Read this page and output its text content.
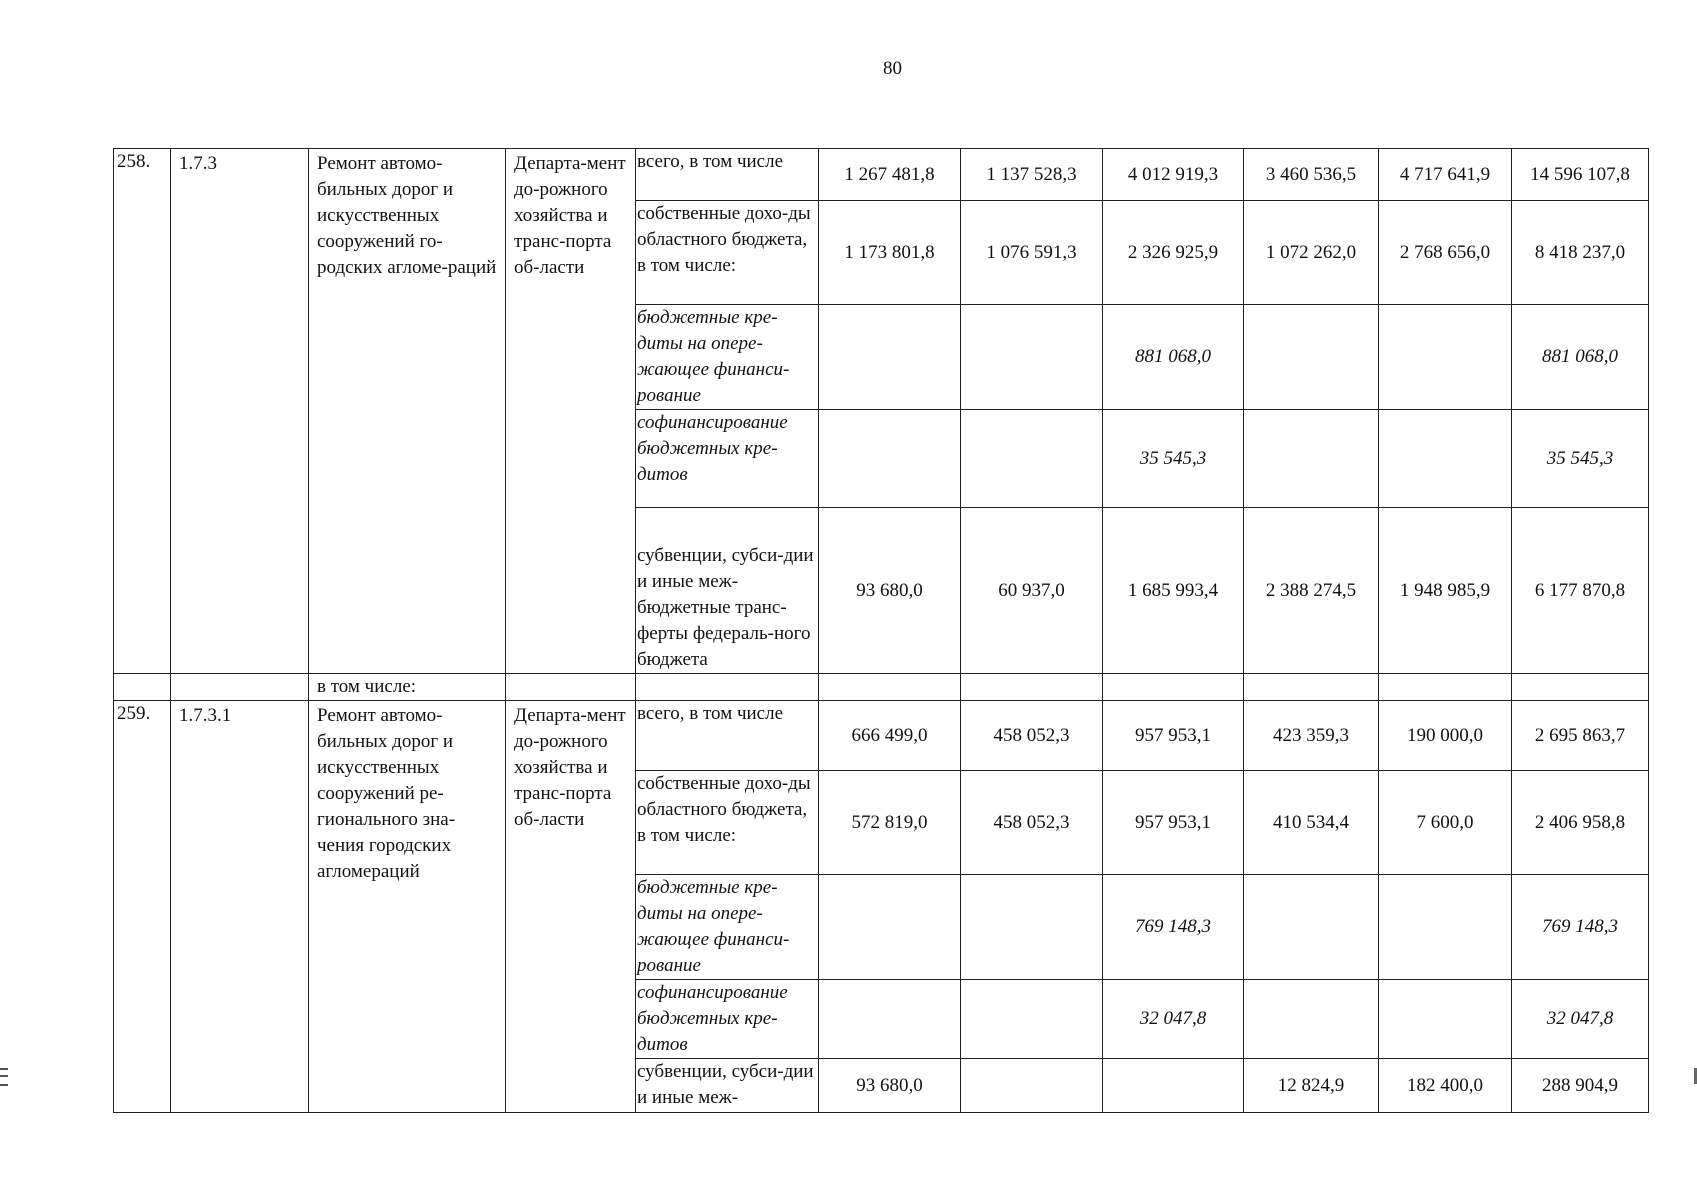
80
258.	1.7.3	Ремонт автомо-бильных дорог и искусственных сооружений го-родских агломе-раций	Департа-мент до-рожного хозяйства и транс-порта об-ласти	всего, в том числе	1 267 481,8	1 137 528,3	4 012 919,3	3 460 536,5	4 717 641,9	14 596 107,8
				собственные дохо-ды областного бюджета, в том числе:	1 173 801,8	1 076 591,3	2 326 925,9	1 072 262,0	2 768 656,0	8 418 237,0
				бюджетные кре-диты на опере-жающее финанси-рование			881 068,0			881 068,0
				софинансирование бюджетных кре-дитов			35 545,3			35 545,3
				субвенции, субси-дии и иные меж-бюджетные транс-ферты федераль-ного бюджета	93 680,0	60 937,0	1 685 993,4	2 388 274,5	1 948 985,9	6 177 870,8
		в том числе:								
259.	1.7.3.1	Ремонт автомо-бильных дорог и искусственных сооружений ре-гионального зна-чения городских агломераций	Департа-мент до-рожного хозяйства и транс-порта об-ласти	всего, в том числе	666 499,0	458 052,3	957 953,1	423 359,3	190 000,0	2 695 863,7
				собственные дохо-ды областного бюджета, в том числе:	572 819,0	458 052,3	957 953,1	410 534,4	7 600,0	2 406 958,8
				бюджетные кре-диты на опере-жающее финанси-рование			769 148,3			769 148,3
				софинансирование бюджетных кре-дитов			32 047,8			32 047,8
				субвенции, субси-дии и иные меж-	93 680,0			12 824,9	182 400,0	288 904,9
